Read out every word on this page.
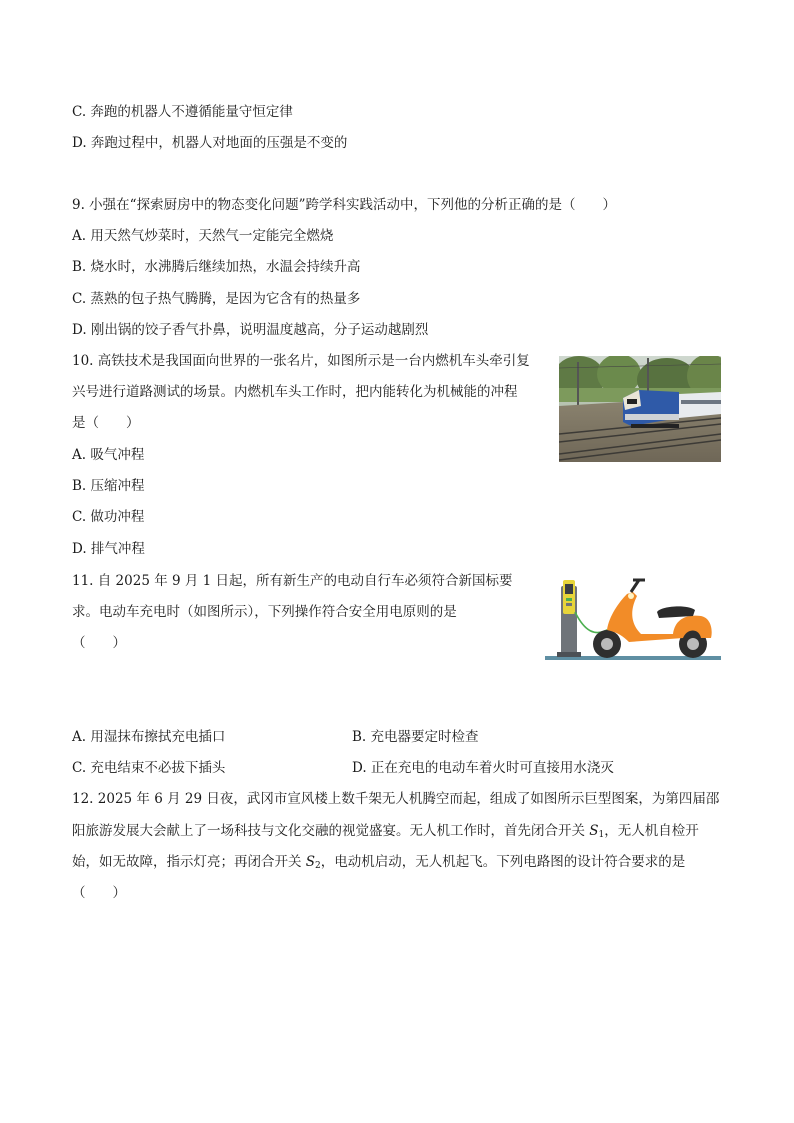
C. 奔跑的机器人不遵循能量守恒定律
D. 奔跑过程中，机器人对地面的压强是不变的
9. 小强在“探索厨房中的物态变化问题”跨学科实践活动中，下列他的分析正确的是（　　）
A. 用天然气炒菜时，天然气一定能完全燃烧
B. 烧水时，水沸腾后继续加热，水温会持续升高
C. 蒸熟的包子热气腾腾，是因为它含有的热量多
D. 刚出锅的饺子香气扑鼻，说明温度越高，分子运动越剧烈
10. 高铁技术是我国面向世界的一张名片，如图所示是一台内燃机车头牵引复
兴号进行道路测试的场景。内燃机车头工作时，把内能转化为机械能的冲程
是（　　）
A. 吸气冲程
B. 压缩冲程
C. 做功冲程
D. 排气冲程
11. 自 2025 年 9 月 1 日起，所有新生产的电动自行车必须符合新国标要
求。电动车充电时（如图所示），下列操作符合安全用电原则的是
（　　）
A. 用湿抹布擦拭充电插口	B. 充电器要定时检查
C. 充电结束不必拔下插头	D. 正在充电的电动车着火时可直接用水浇灭
12. 2025 年 6 月 29 日夜，武冈市宣风楼上数千架无人机腾空而起，组成了如图所示巨型图案，为第四届邵
阳旅游发展大会献上了一场科技与文化交融的视觉盛宴。无人机工作时，首先闭合开关 $S_1$，无人机自检开
始，如无故障，指示灯亮；再闭合开关 $S_2$，电动机启动，无人机起飞。下列电路图的设计符合要求的是
（　　）
